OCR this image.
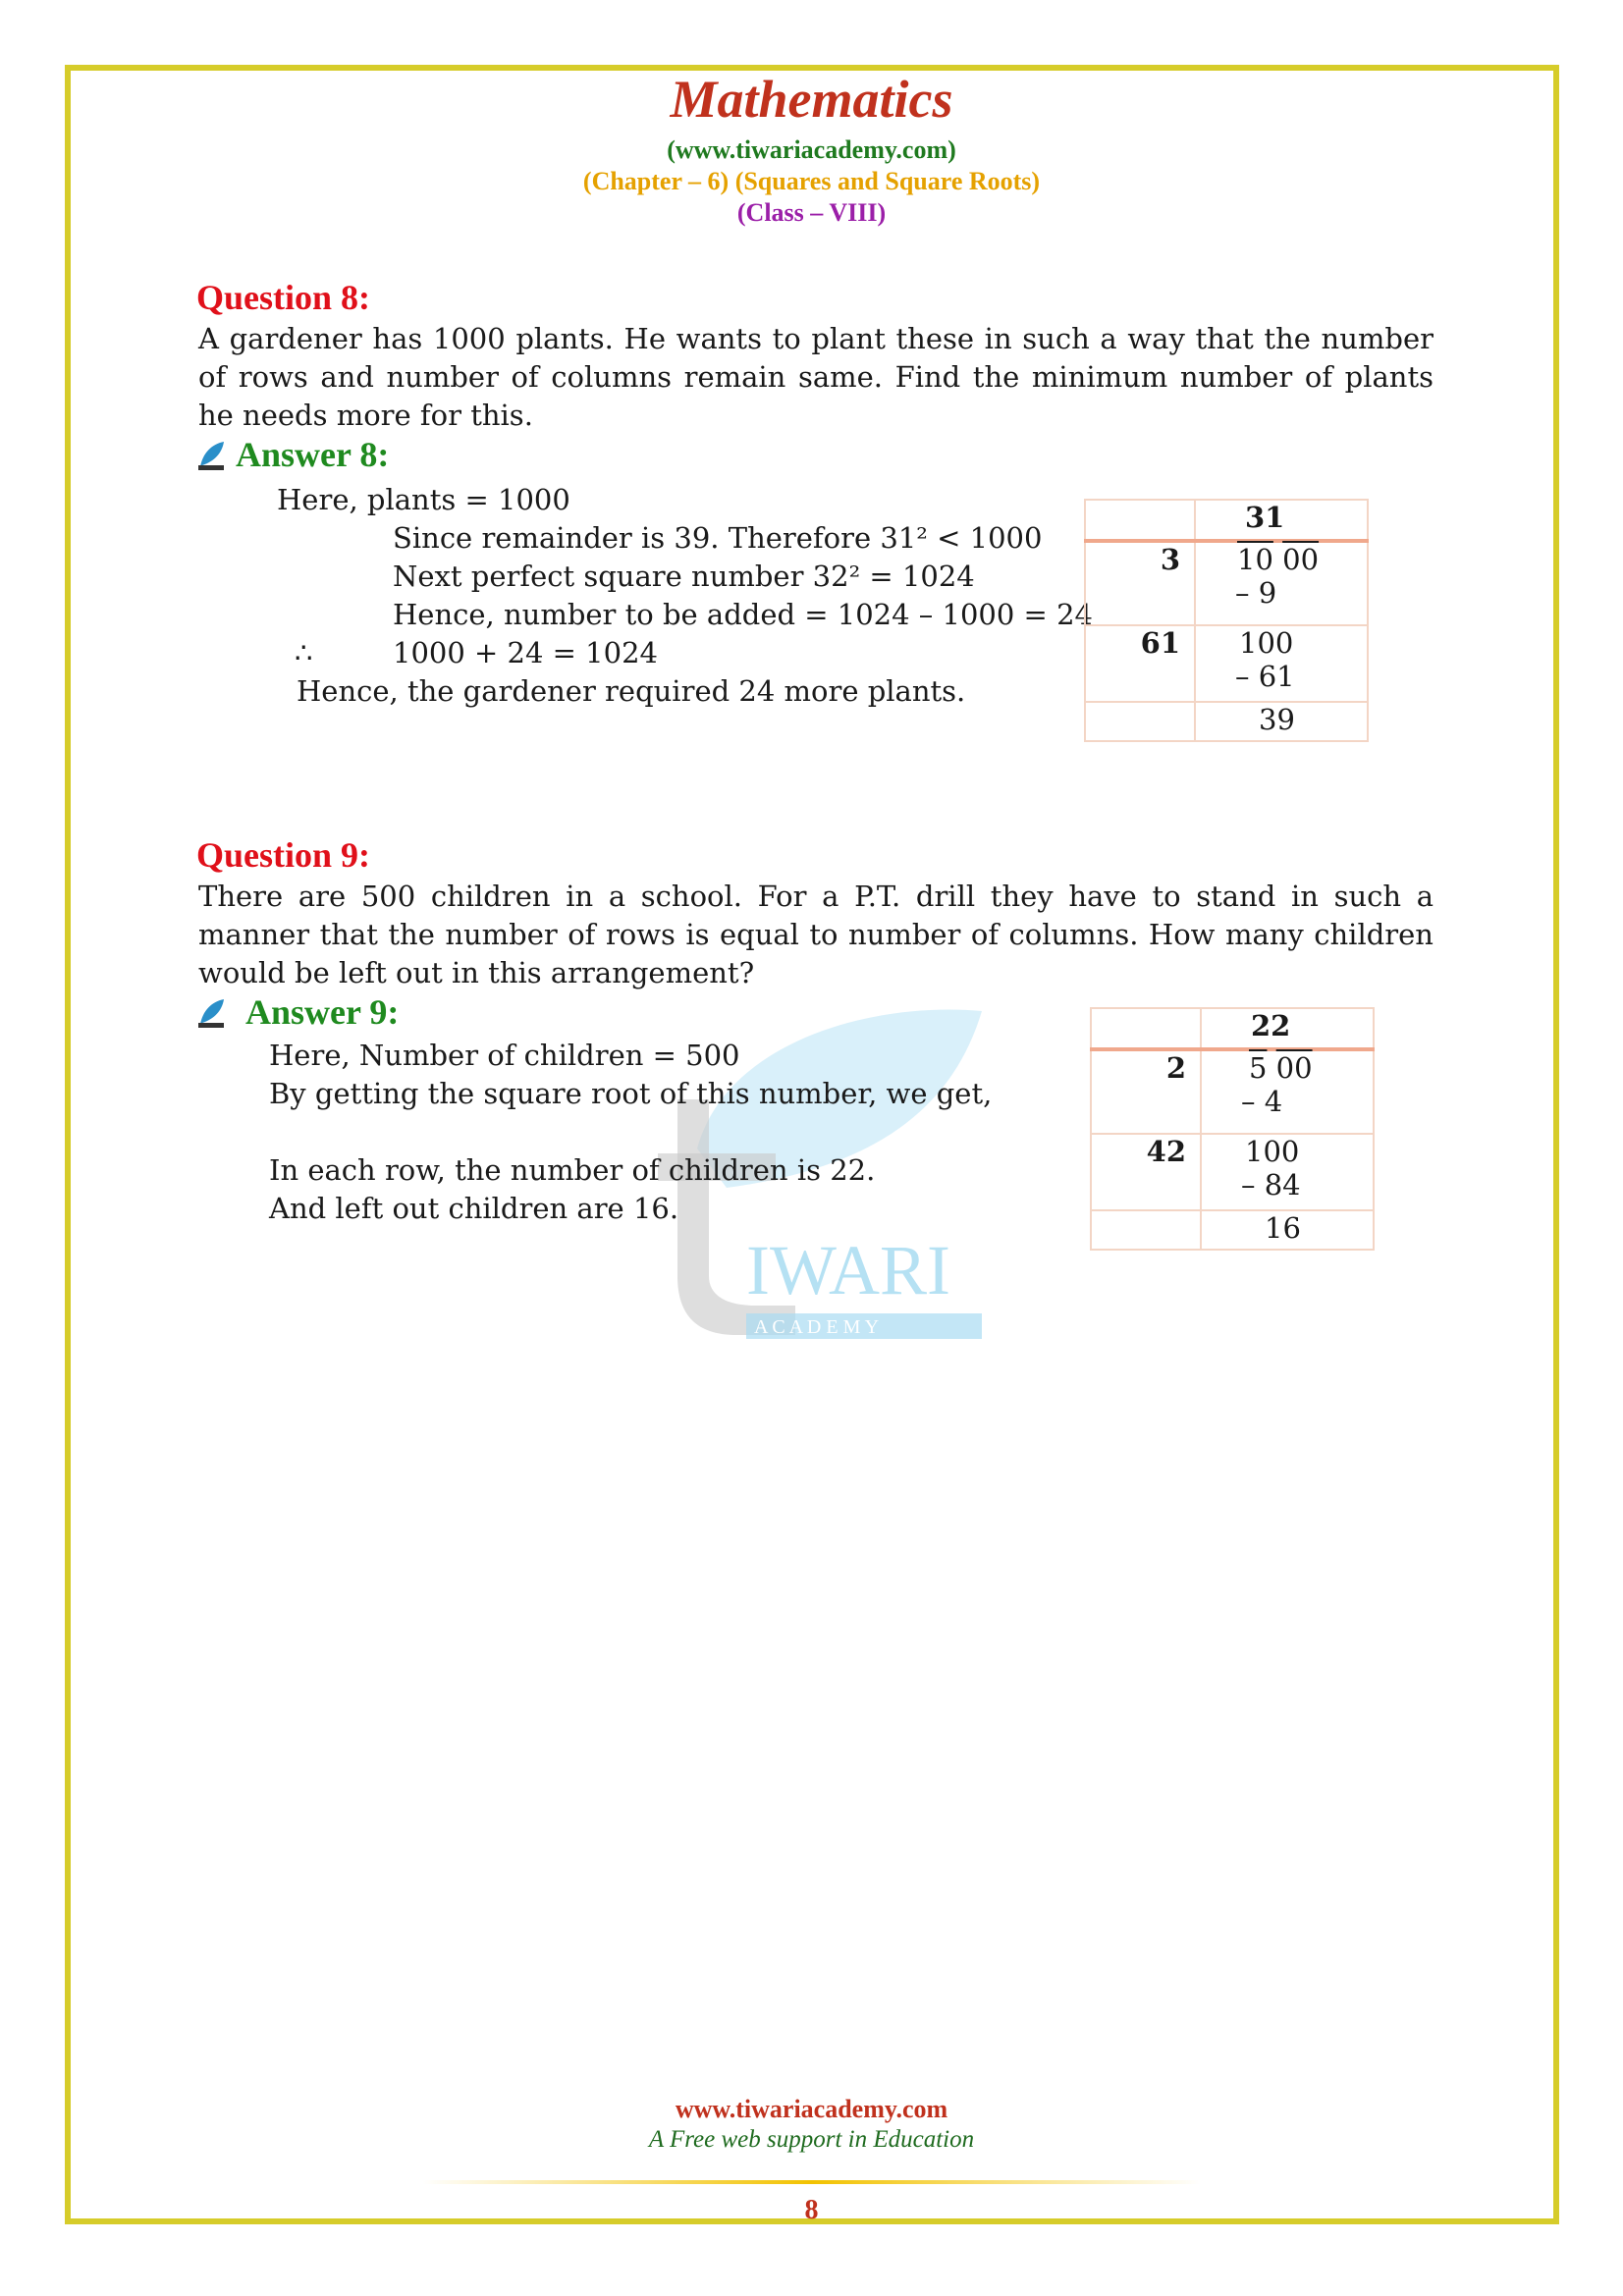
Mathematics
(www.tiwariacademy.com)
(Chapter – 6) (Squares and Square Roots)
(Class – VIII)
IWARI
A C A D E M Y
Question 8:
A gardener has 1000 plants. He wants to plant these in such a way that the number of rows and number of columns remain same. Find the minimum number of plants he needs more for this.
Answer 8:
Here, plants = 1000
Since remainder is 39. Therefore 31² < 1000
Next perfect square number 32² = 1024
Hence, number to be added = 1024 – 1000 = 24
∴	1000 + 24 = 1024
Hence, the gardener required 24 more plants.
	31
3	10 00
– 9

61	100
– 61

	39
Question 9:
There are 500 children in a school. For a P.T. drill they have to stand in such a manner that the number of rows is equal to number of columns. How many children would be left out in this arrangement?
Answer 9:
Here, Number of children = 500
By getting the square root of this number, we get,
In each row, the number of children is 22.
And left out children are 16.
	22
2	5 00
– 4

42	100
– 84

	16
www.tiwariacademy.com
A Free web support in Education
8
